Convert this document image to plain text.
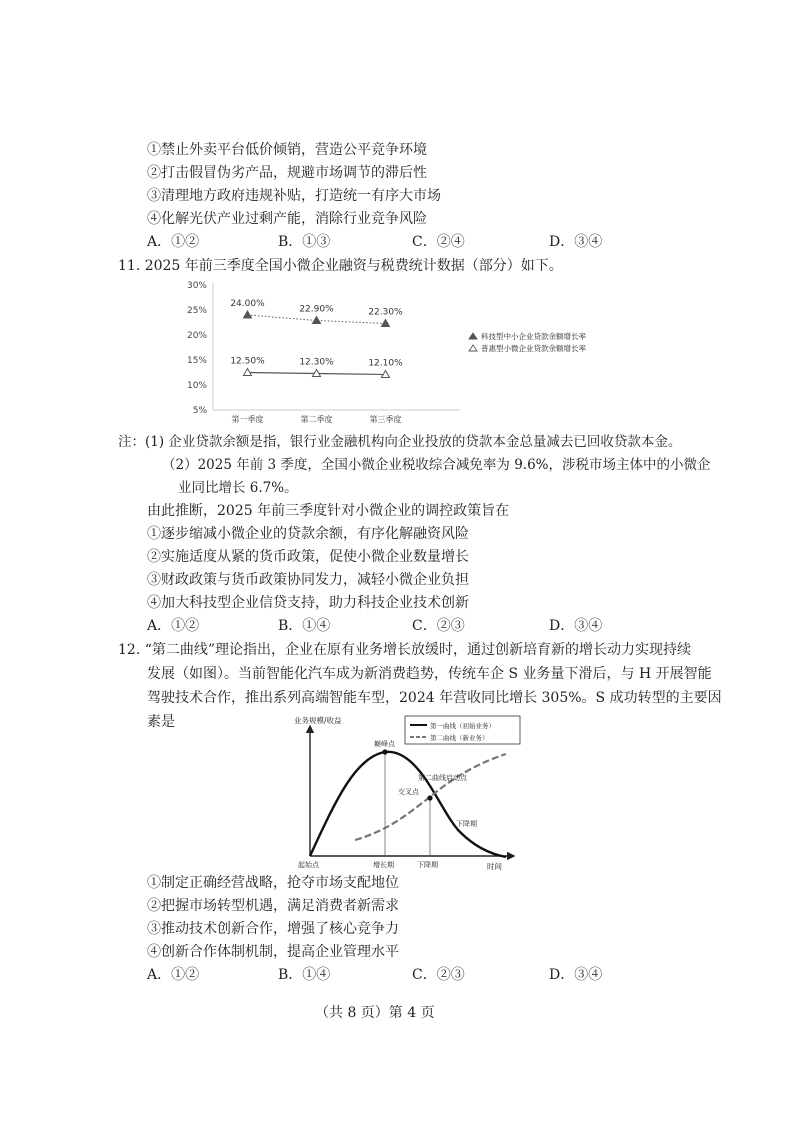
①禁止外卖平台低价倾销，营造公平竞争环境
②打击假冒伪劣产品，规避市场调节的滞后性
③清理地方政府违规补贴，打造统一有序大市场
④化解光伏产业过剩产能，消除行业竞争风险
A．①②	B．①③	C．②④	D．③④
11. 2025 年前三季度全国小微企业融资与税费统计数据（部分）如下。
30%
25%
20%
15%
10%
5%
第一季度	第二季度	第三季度
24.00%
22.90%	22.30%
科技型中小企业贷款余额增长率
12.50%	12.30%	12.10%
普惠型小微企业贷款余额增长率
注：(1) 企业贷款余额是指，银行业金融机构向企业投放的贷款本金总量减去已回收贷款本金。
（2）2025 年前 3 季度，全国小微企业税收综合减免率为 9.6%，涉税市场主体中的小微企
业同比增长 6.7%。
由此推断，2025 年前三季度针对小微企业的调控政策旨在
①逐步缩减小微企业的贷款余额，有序化解融资风险
②实施适度从紧的货币政策，促使小微企业数量增长
③财政政策与货币政策协同发力，减轻小微企业负担
④加大科技型企业信贷支持，助力科技企业技术创新
A．①②	B．①④	C．②③	D．③④
12. “第二曲线”理论指出，企业在原有业务增长放缓时，通过创新培育新的增长动力实现持续
发展（如图）。当前智能化汽车成为新消费趋势，传统车企 S 业务量下滑后，与 H 开展智能
驾驶技术合作，推出系列高端智能车型，2024 年营收同比增长 305%。S 成功转型的主要因
素是	业务规模/收益
时间
第一曲线（初始业务）
第二曲线（新业务）
巅峰点
第二曲线启动点
交叉点
下降期
起始点	增长期	下降期
①制定正确经营战略，抢夺市场支配地位
②把握市场转型机遇，满足消费者新需求
③推动技术创新合作，增强了核心竞争力
④创新合作体制机制，提高企业管理水平
A．①②	B．①④	C．②③	D．③④
（共 8 页）第 4 页
